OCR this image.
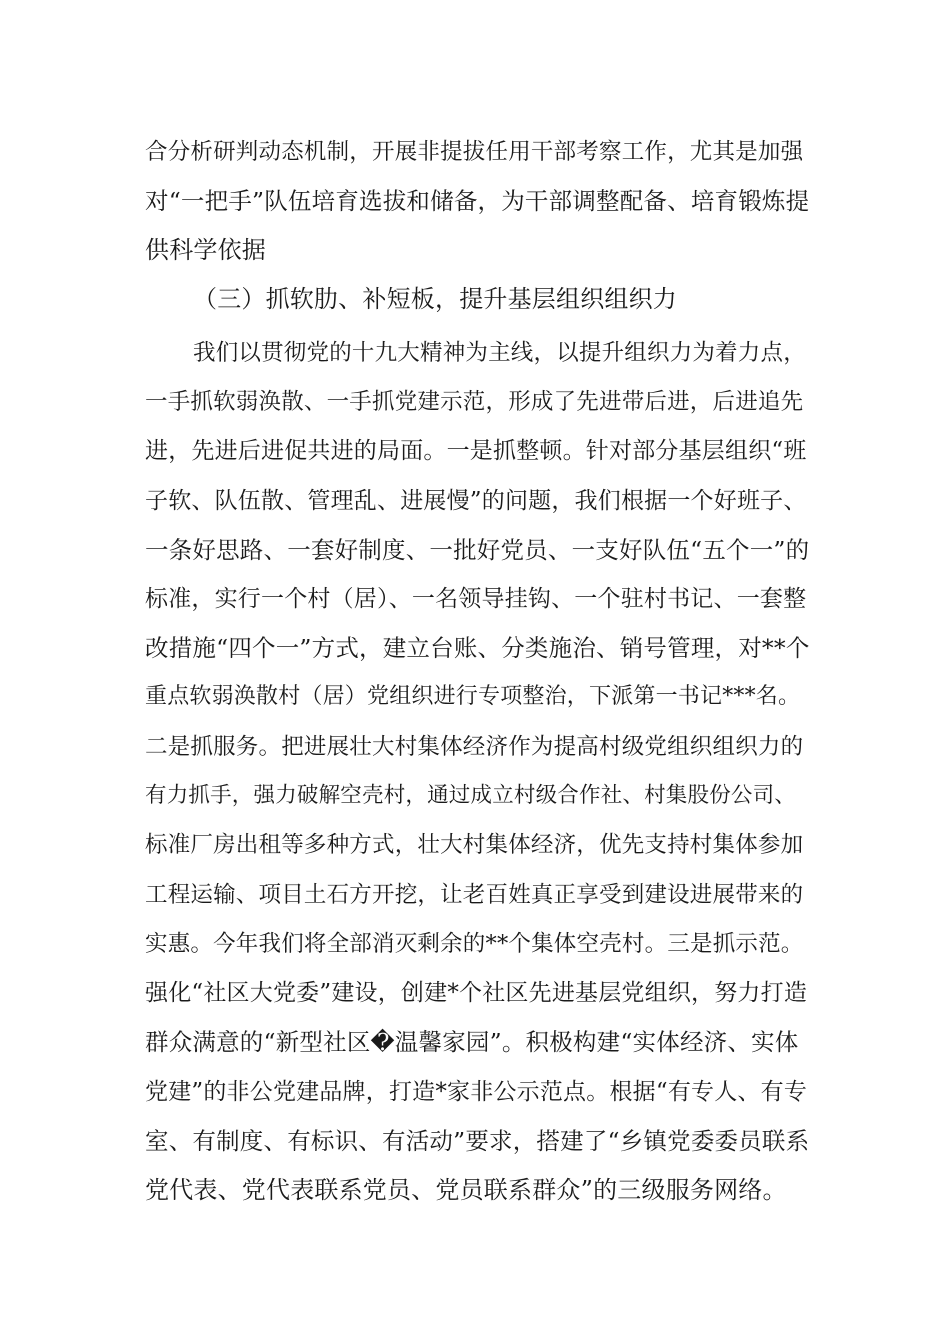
合分析研判动态机制，开展非提拔任用干部考察工作，尤其是加强
对“一把手”队伍培育选拔和储备，为干部调整配备、培育锻炼提
供科学依据
（三）抓软肋、补短板，提升基层组织组织力
我们以贯彻党的十九大精神为主线，以提升组织力为着力点，
一手抓软弱涣散、一手抓党建示范，形成了先进带后进，后进追先
进，先进后进促共进的局面。一是抓整顿。针对部分基层组织“班
子软、队伍散、管理乱、进展慢”的问题，我们根据一个好班子、
一条好思路、一套好制度、一批好党员、一支好队伍“五个一”的
标准，实行一个村（居）、一名领导挂钩、一个驻村书记、一套整
改措施“四个一”方式，建立台账、分类施治、销号管理，对**个
重点软弱涣散村（居）党组织进行专项整治，下派第一书记***名。
二是抓服务。把进展壮大村集体经济作为提高村级党组织组织力的
有力抓手，强力破解空壳村，通过成立村级合作社、村集股份公司、
标准厂房出租等多种方式，壮大村集体经济，优先支持村集体参加
工程运输、项目土石方开挖，让老百姓真正享受到建设进展带来的
实惠。今年我们将全部消灭剩余的**个集体空壳村。三是抓示范。
强化“社区大党委”建设，创建*个社区先进基层党组织，努力打造
群众满意的“新型社区�温馨家园”。积极构建“实体经济、实体
党建”的非公党建品牌，打造*家非公示范点。根据“有专人、有专
室、有制度、有标识、有活动”要求，搭建了“乡镇党委委员联系
党代表、党代表联系党员、党员联系群众”的三级服务网络。
